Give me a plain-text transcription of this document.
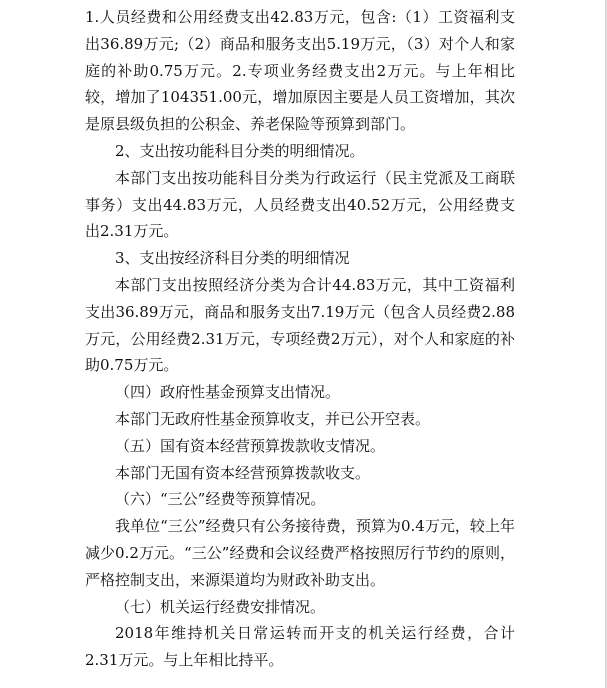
1.人员经费和公用经费支出42.83万元，包含:（1）工资福利支出36.89万元;（2）商品和服务支出5.19万元，（3）对个人和家庭的补助0.75万元。2.专项业务经费支出2万元。与上年相比较，增加了104351.00元，增加原因主要是人员工资增加，其次是原县级负担的公积金、养老保险等预算到部门。

2、支出按功能科目分类的明细情况。

本部门支出按功能科目分类为行政运行（民主党派及工商联事务）支出44.83万元，人员经费支出40.52万元，公用经费支出2.31万元。

3、支出按经济科目分类的明细情况

本部门支出按照经济分类为合计44.83万元，其中工资福利支出36.89万元，商品和服务支出7.19万元（包含人员经费2.88万元，公用经费2.31万元，专项经费2万元），对个人和家庭的补助0.75万元。

（四）政府性基金预算支出情况。

本部门无政府性基金预算收支，并已公开空表。

（五）国有资本经营预算拨款收支情况。

本部门无国有资本经营预算拨款收支。

（六）“三公”经费等预算情况。

我单位“三公”经费只有公务接待费，预算为0.4万元，较上年减少0.2万元。“三公”经费和会议经费严格按照厉行节约的原则，严格控制支出，来源渠道均为财政补助支出。

（七）机关运行经费安排情况。

2018年维持机关日常运转而开支的机关运行经费，合计2.31万元。与上年相比持平。
